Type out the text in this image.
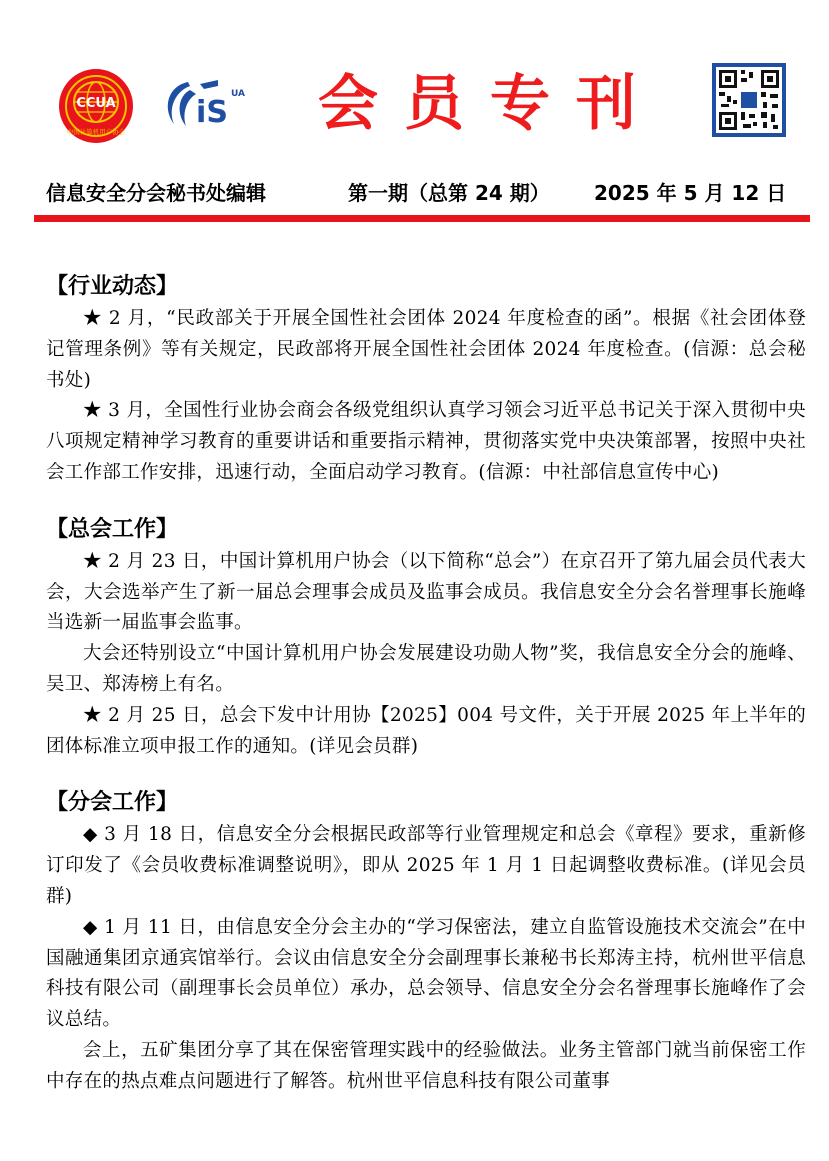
CCUA
中国计算机用户协会
iS
UA 会员专刊
信息安全分会秘书处编辑	第一期（总第 24 期） 2025 年 5 月 12 日
【行业动态】

★ 2 月，“民政部关于开展全国性社会团体 2024 年度检查的函”。根据《社会团体登记管理条例》等有关规定，民政部将开展全国性社会团体 2024 年度检查。(信源：总会秘书处)

★ 3 月，全国性行业协会商会各级党组织认真学习领会习近平总书记关于深入贯彻中央八项规定精神学习教育的重要讲话和重要指示精神，贯彻落实党中央决策部署，按照中央社会工作部工作安排，迅速行动，全面启动学习教育。(信源：中社部信息宣传中心)

【总会工作】

★ 2 月 23 日，中国计算机用户协会（以下简称“总会”）在京召开了第九届会员代表大会，大会选举产生了新一届总会理事会成员及监事会成员。我信息安全分会名誉理事长施峰当选新一届监事会监事。

大会还特别设立“中国计算机用户协会发展建设功勋人物”奖，我信息安全分会的施峰、吴卫、郑涛榜上有名。

★ 2 月 25 日，总会下发中计用协【2025】004 号文件，关于开展 2025 年上半年的团体标准立项申报工作的通知。(详见会员群)

【分会工作】

◆ 3 月 18 日，信息安全分会根据民政部等行业管理规定和总会《章程》要求，重新修订印发了《会员收费标准调整说明》，即从 2025 年 1 月 1 日起调整收费标准。(详见会员群)

◆ 1 月 11 日，由信息安全分会主办的“学习保密法，建立自监管设施技术交流会”在中国融通集团京通宾馆举行。会议由信息安全分会副理事长兼秘书长郑涛主持，杭州世平信息科技有限公司（副理事长会员单位）承办，总会领导、信息安全分会名誉理事长施峰作了会议总结。

会上，五矿集团分享了其在保密管理实践中的经验做法。业务主管部门就当前保密工作中存在的热点难点问题进行了解答。杭州世平信息科技有限公司董事
